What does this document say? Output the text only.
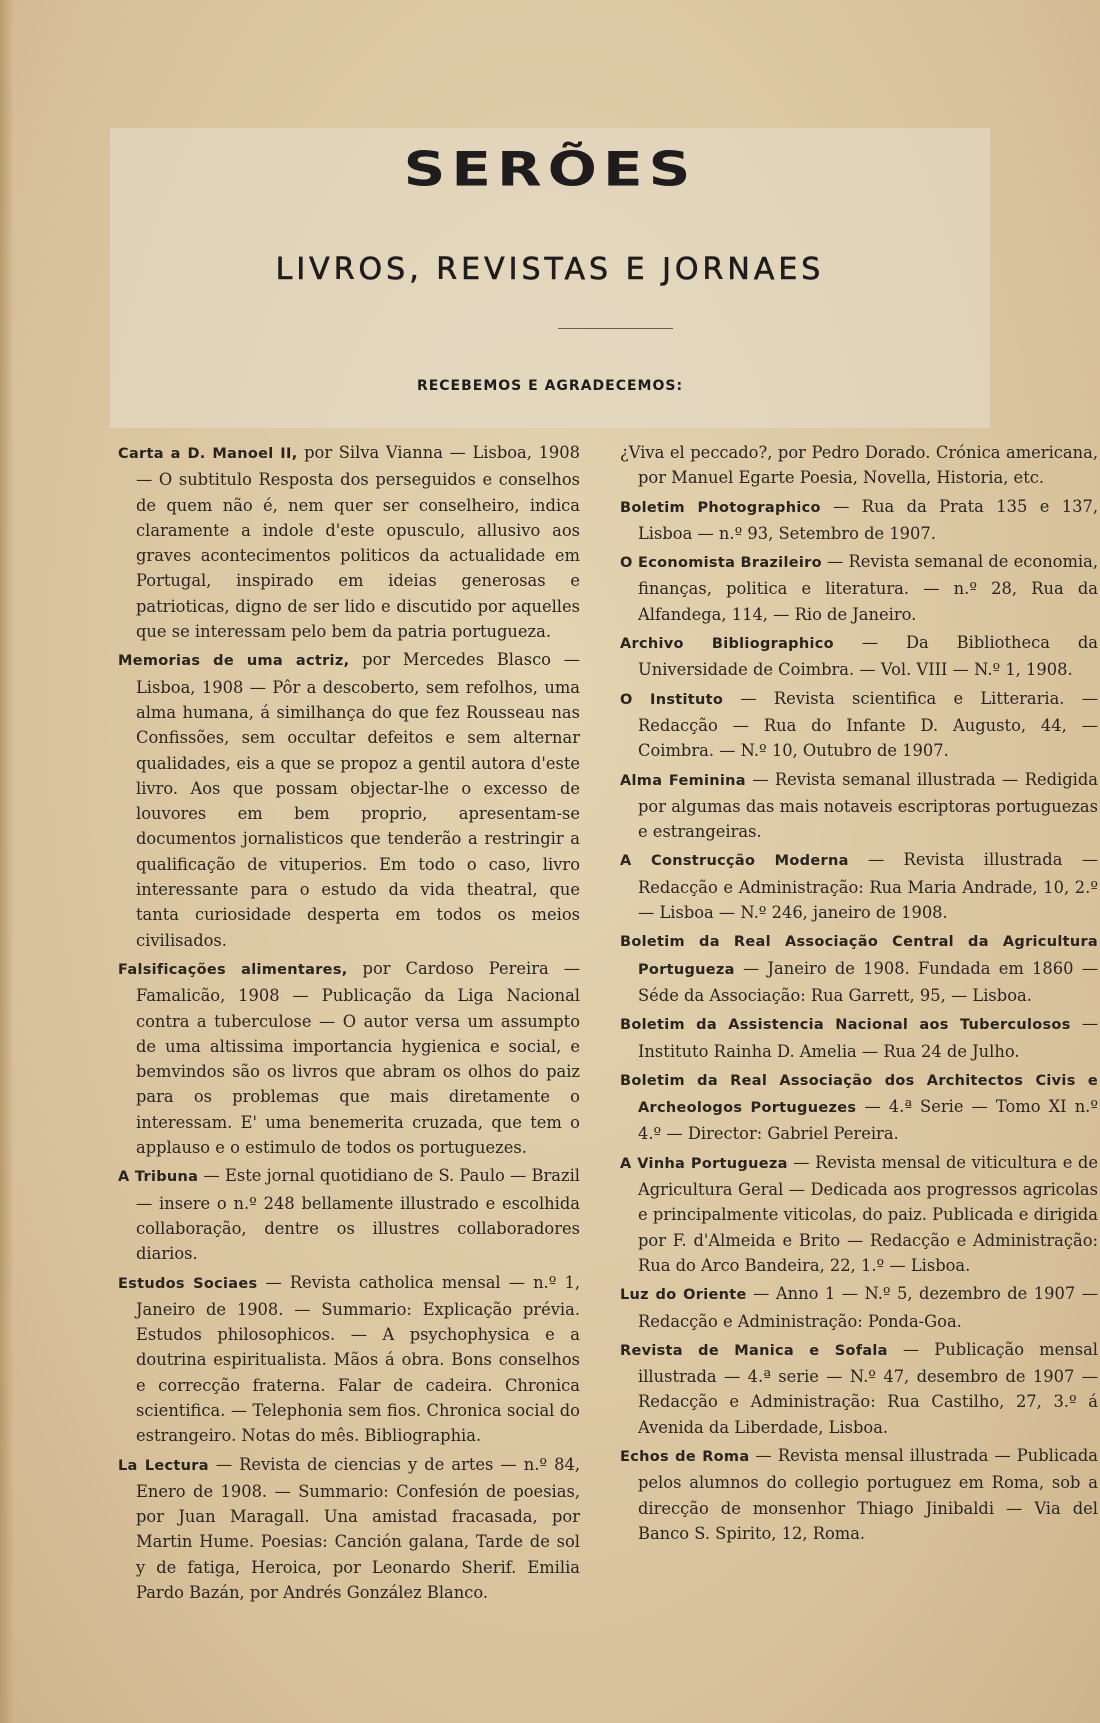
SERÕES
LIVROS, REVISTAS E JORNAES
RECEBEMOS E AGRADECEMOS:

Carta a D. Manoel II, por Silva Vianna — Lisboa, 1908 — O subtitulo Resposta dos perseguidos e conselhos de quem não é, nem quer ser conselheiro, indica claramente a indole d'este opusculo, allusivo aos graves acontecimentos politicos da actualidade em Portugal, inspirado em ideias generosas e patrioticas, digno de ser lido e discutido por aquelles que se interessam pelo bem da patria portugueza.

Memorias de uma actriz, por Mercedes Blasco — Lisboa, 1908 — Pôr a descoberto, sem refolhos, uma alma humana, á similhança do que fez Rousseau nas Confissões, sem occultar defeitos e sem alternar qualidades, eis a que se propoz a gentil autora d'este livro. Aos que possam objectar-lhe o excesso de louvores em bem proprio, apresentam-se documentos jornalisticos que tenderão a restringir a qualificação de vituperios. Em todo o caso, livro interessante para o estudo da vida theatral, que tanta curiosidade desperta em todos os meios civilisados.

Falsificações alimentares, por Cardoso Pereira — Famalicão, 1908 — Publicação da Liga Nacional contra a tuberculose — O autor versa um assumpto de uma altissima importancia hygienica e social, e bemvindos são os livros que abram os olhos do paiz para os problemas que mais diretamente o interessam. E' uma benemerita cruzada, que tem o applauso e o estimulo de todos os portuguezes.

A Tribuna — Este jornal quotidiano de S. Paulo — Brazil — insere o n.º 248 bellamente illustrado e escolhida collaboração, dentre os illustres collaboradores diarios.

Estudos Sociaes — Revista catholica mensal — n.º 1, Janeiro de 1908. — Summario: Explicação prévia. Estudos philosophicos. — A psychophysica e a doutrina espiritualista. Mãos á obra. Bons conselhos e correcção fraterna. Falar de cadeira. Chronica scientifica. — Telephonia sem fios. Chronica social do estrangeiro. Notas do mês. Bibliographia.

La Lectura — Revista de ciencias y de artes — n.º 84, Enero de 1908. — Summario: Confesión de poesias, por Juan Maragall. Una amistad fracasada, por Martin Hume. Poesias: Canción galana, Tarde de sol y de fatiga, Heroica, por Leonardo Sherif. Emilia Pardo Bazán, por Andrés González Blanco.

¿Viva el peccado?, por Pedro Dorado. Crónica americana, por Manuel Egarte Poesia, Novella, Historia, etc.

Boletim Photographico — Rua da Prata 135 e 137, Lisboa — n.º 93, Setembro de 1907.

O Economista Brazileiro — Revista semanal de economia, finanças, politica e literatura. — n.º 28, Rua da Alfandega, 114, — Rio de Janeiro.

Archivo Bibliographico — Da Bibliotheca da Universidade de Coimbra. — Vol. VIII — N.º 1, 1908.

O Instituto — Revista scientifica e Litteraria. — Redacção — Rua do Infante D. Augusto, 44, — Coimbra. — N.º 10, Outubro de 1907.

Alma Feminina — Revista semanal illustrada — Redigida por algumas das mais notaveis escriptoras portuguezas e estrangeiras.

A Construcção Moderna — Revista illustrada — Redacção e Administração: Rua Maria Andrade, 10, 2.º — Lisboa — N.º 246, janeiro de 1908.

Boletim da Real Associação Central da Agricultura Portugueza — Janeiro de 1908. Fundada em 1860 — Séde da Associação: Rua Garrett, 95, — Lisboa.

Boletim da Assistencia Nacional aos Tuberculosos — Instituto Rainha D. Amelia — Rua 24 de Julho.

Boletim da Real Associação dos Architectos Civis e Archeologos Portuguezes — 4.ª Serie — Tomo XI n.º 4.º — Director: Gabriel Pereira.

A Vinha Portugueza — Revista mensal de viticultura e de Agricultura Geral — Dedicada aos progressos agricolas e principalmente viticolas, do paiz. Publicada e dirigida por F. d'Almeida e Brito — Redacção e Administração: Rua do Arco Bandeira, 22, 1.º — Lisboa.

Luz do Oriente — Anno 1 — N.º 5, dezembro de 1907 — Redacção e Administração: Ponda-Goa.

Revista de Manica e Sofala — Publicação mensal illustrada — 4.ª serie — N.º 47, desembro de 1907 — Redacção e Administração: Rua Castilho, 27, 3.º á Avenida da Liberdade, Lisboa.

Echos de Roma — Revista mensal illustrada — Publicada pelos alumnos do collegio portuguez em Roma, sob a direcção de monsenhor Thiago Jinibaldi — Via del Banco S. Spirito, 12, Roma.
